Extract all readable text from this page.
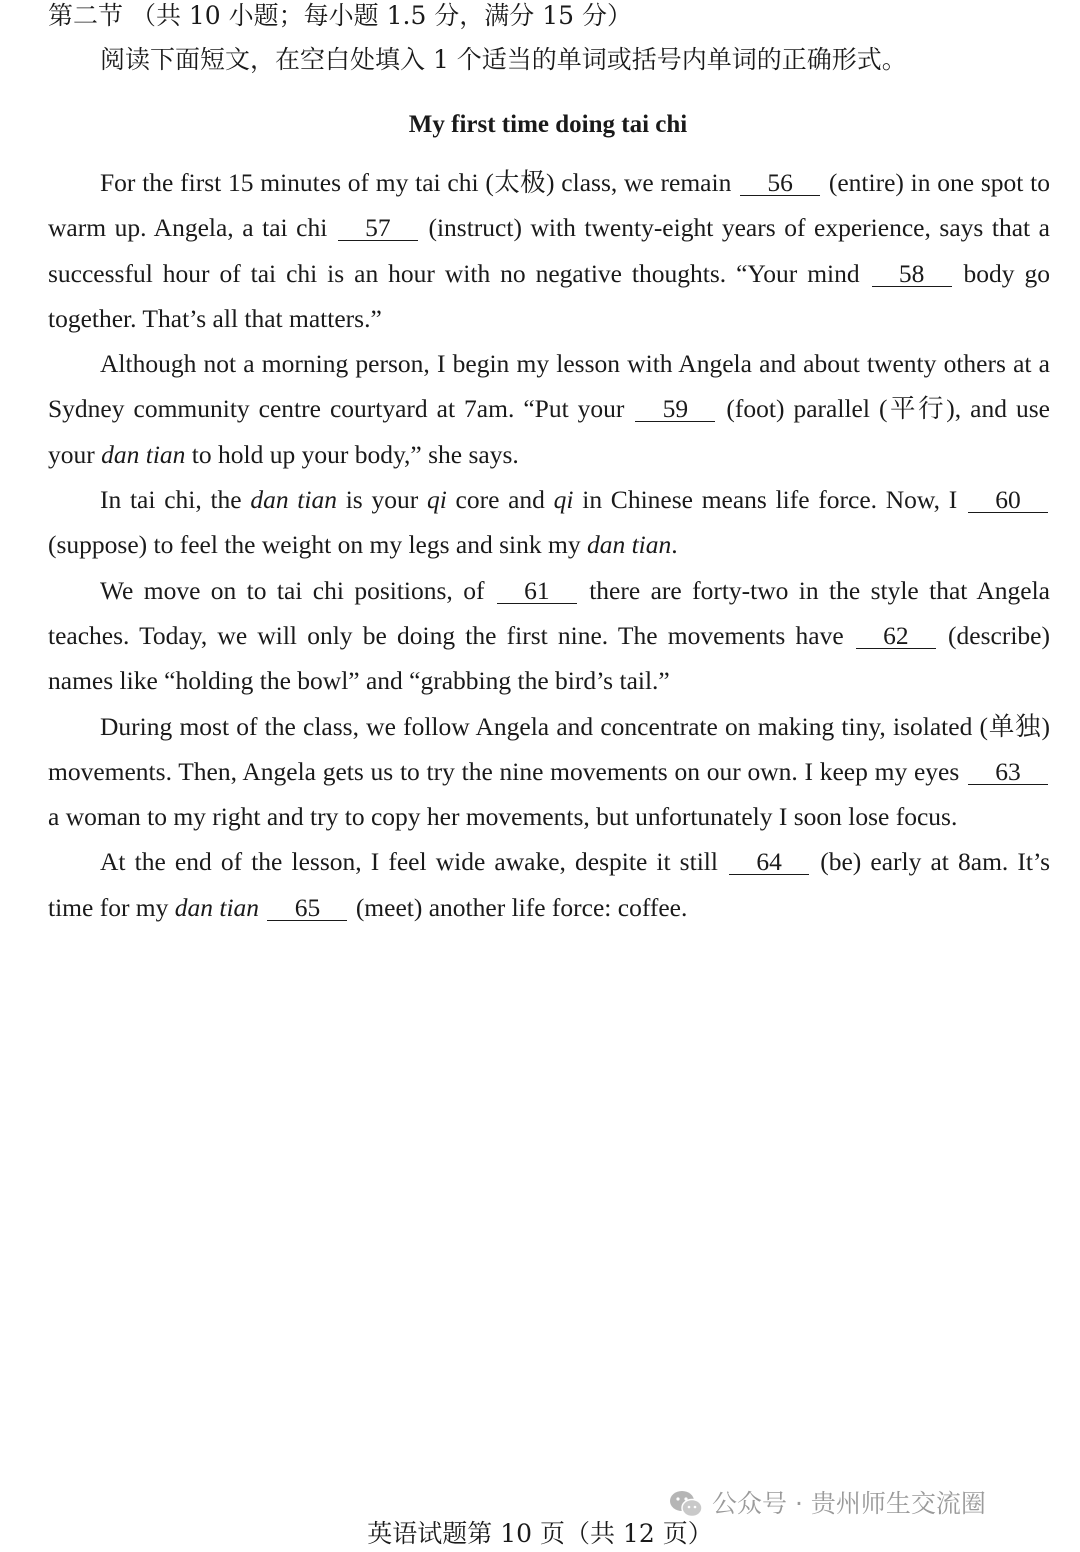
第二节 （共 10 小题；每小题 1.5 分，满分 15 分）
阅读下面短文，在空白处填入 1 个适当的单词或括号内单词的正确形式。
My first time doing tai chi

For the first 15 minutes of my tai chi (太极) class, we remain 56 (entire) in one spot to warm up. Angela, a tai chi 57 (instruct) with twenty-eight years of experience, says that a successful hour of tai chi is an hour with no negative thoughts. “Your mind 58 body go together. That’s all that matters.”

Although not a morning person, I begin my lesson with Angela and about twenty others at a Sydney community centre courtyard at 7am. “Put your 59 (foot) parallel (平行), and use your dan tian to hold up your body,” she says.

In tai chi, the dan tian is your qi core and qi in Chinese means life force. Now, I 60 (suppose) to feel the weight on my legs and sink my dan tian.

We move on to tai chi positions, of 61 there are forty-two in the style that Angela teaches. Today, we will only be doing the first nine. The movements have 62 (describe) names like “holding the bowl” and “grabbing the bird’s tail.”

During most of the class, we follow Angela and concentrate on making tiny, isolated (单独) movements. Then, Angela gets us to try the nine movements on our own. I keep my eyes 63 a woman to my right and try to copy her movements, but unfortunately I soon lose focus.

At the end of the lesson, I feel wide awake, despite it still 64 (be) early at 8am. It’s time for my dan tian 65 (meet) another life force: coffee.

公众号 · 贵州师生交流圈
英语试题第 10 页（共 12 页）
